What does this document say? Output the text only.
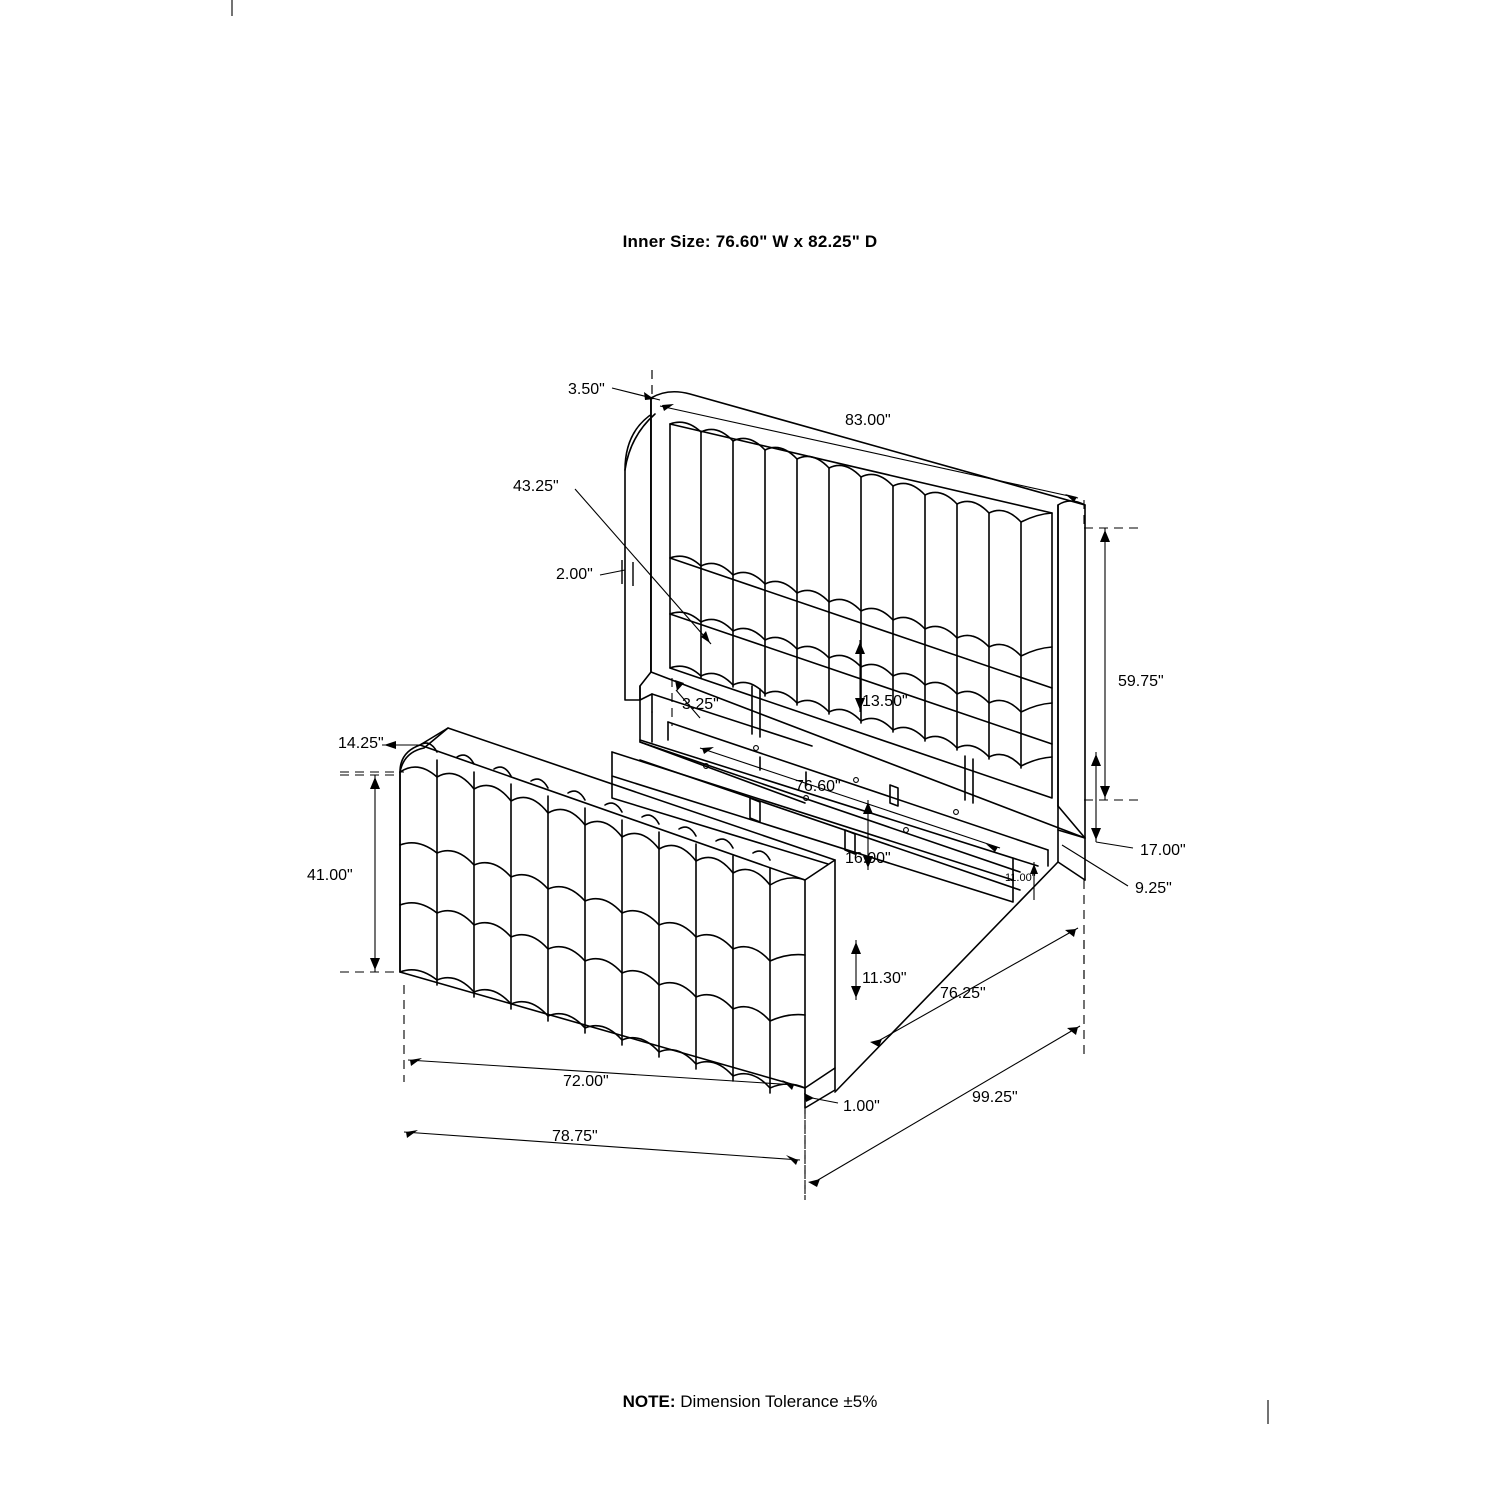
Inner Size: 76.60" W x 82.25" D
3.50"
83.00"
43.25"
2.00"
59.75"
3.25"	13.50"
14.25"
76.60"
17.00"
16.00"
11.00"
9.25"
41.00"
11.30"
76.25"
99.25"
72.00"
1.00"
78.75"
NOTE: Dimension Tolerance ±5%
